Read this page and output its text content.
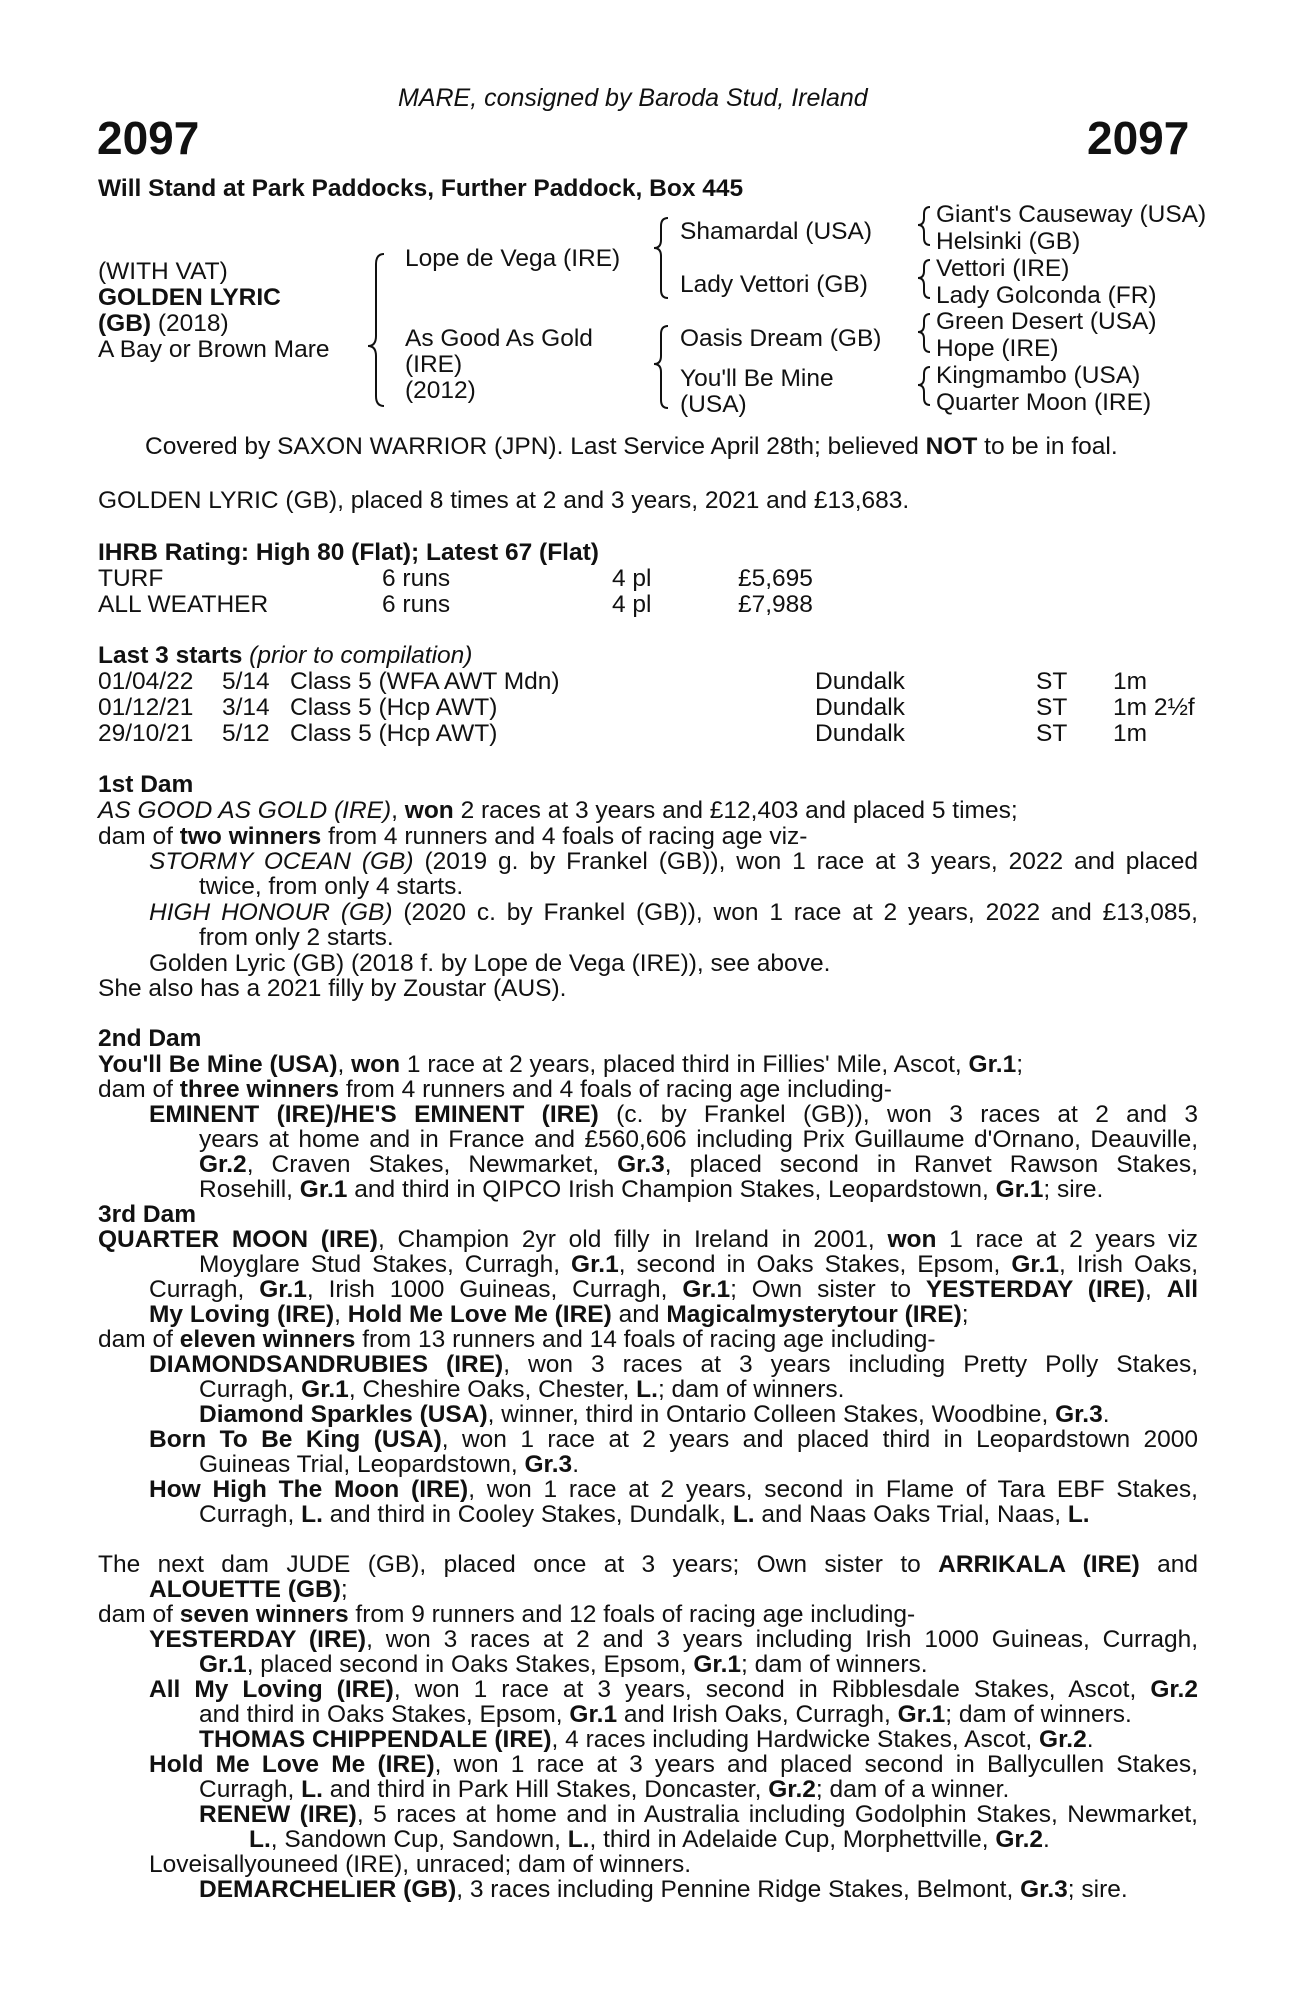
MARE, consigned by Baroda Stud, Ireland
2097	2097
Will Stand at Park Paddocks, Further Paddock, Box 445
(WITH VAT)
GOLDEN LYRIC
(GB) (2018)
A Bay or Brown Mare
Lope de Vega (IRE)
As Good As Gold
(IRE)
(2012)
Shamardal (USA)
Lady Vettori (GB)
Oasis Dream (GB)
You'll Be Mine
(USA)
Giant's Causeway (USA)
Helsinki (GB)
Vettori (IRE)
Lady Golconda (FR)
Green Desert (USA)
Hope (IRE)
Kingmambo (USA)
Quarter Moon (IRE)
Covered by SAXON WARRIOR (JPN). Last Service April 28th; believed NOT to be in foal.
GOLDEN LYRIC (GB), placed 8 times at 2 and 3 years, 2021 and £13,683.
IHRB Rating: High 80 (Flat); Latest 67 (Flat)
TURF	6 runs	4 pl	£5,695
ALL WEATHER	6 runs	4 pl	£7,988
Last 3 starts (prior to compilation)
01/04/22 5/14 Class 5 (WFA AWT Mdn)	Dundalk	ST 1m
01/12/21 3/14 Class 5 (Hcp AWT)	Dundalk	ST 1m 2½f
29/10/21 5/12 Class 5 (Hcp AWT)	Dundalk	ST 1m
1st Dam
AS GOOD AS GOLD (IRE), won 2 races at 3 years and £12,403 and placed 5 times;
dam of two winners from 4 runners and 4 foals of racing age viz-
STORMY OCEAN (GB) (2019 g. by Frankel (GB)), won 1 race at 3 years, 2022 and placed
twice, from only 4 starts.
HIGH HONOUR (GB) (2020 c. by Frankel (GB)), won 1 race at 2 years, 2022 and £13,085,
from only 2 starts.
Golden Lyric (GB) (2018 f. by Lope de Vega (IRE)), see above.
She also has a 2021 filly by Zoustar (AUS).
2nd Dam
You'll Be Mine (USA), won 1 race at 2 years, placed third in Fillies' Mile, Ascot, Gr.1;
dam of three winners from 4 runners and 4 foals of racing age including-
EMINENT (IRE)/HE'S EMINENT (IRE) (c. by Frankel (GB)), won 3 races at 2 and 3
years at home and in France and £560,606 including Prix Guillaume d'Ornano, Deauville,
Gr.2, Craven Stakes, Newmarket, Gr.3, placed second in Ranvet Rawson Stakes,
Rosehill, Gr.1 and third in QIPCO Irish Champion Stakes, Leopardstown, Gr.1; sire.
3rd Dam
QUARTER MOON (IRE), Champion 2yr old filly in Ireland in 2001, won 1 race at 2 years viz
Moyglare Stud Stakes, Curragh, Gr.1, second in Oaks Stakes, Epsom, Gr.1, Irish Oaks,
Curragh, Gr.1, Irish 1000 Guineas, Curragh, Gr.1; Own sister to YESTERDAY (IRE), All
My Loving (IRE), Hold Me Love Me (IRE) and Magicalmysterytour (IRE);
dam of eleven winners from 13 runners and 14 foals of racing age including-
DIAMONDSANDRUBIES (IRE), won 3 races at 3 years including Pretty Polly Stakes,
Curragh, Gr.1, Cheshire Oaks, Chester, L.; dam of winners.
Diamond Sparkles (USA), winner, third in Ontario Colleen Stakes, Woodbine, Gr.3.
Born To Be King (USA), won 1 race at 2 years and placed third in Leopardstown 2000
Guineas Trial, Leopardstown, Gr.3.
How High The Moon (IRE), won 1 race at 2 years, second in Flame of Tara EBF Stakes,
Curragh, L. and third in Cooley Stakes, Dundalk, L. and Naas Oaks Trial, Naas, L.
The next dam JUDE (GB), placed once at 3 years; Own sister to ARRIKALA (IRE) and
ALOUETTE (GB);
dam of seven winners from 9 runners and 12 foals of racing age including-
YESTERDAY (IRE), won 3 races at 2 and 3 years including Irish 1000 Guineas, Curragh,
Gr.1, placed second in Oaks Stakes, Epsom, Gr.1; dam of winners.
All My Loving (IRE), won 1 race at 3 years, second in Ribblesdale Stakes, Ascot, Gr.2
and third in Oaks Stakes, Epsom, Gr.1 and Irish Oaks, Curragh, Gr.1; dam of winners.
THOMAS CHIPPENDALE (IRE), 4 races including Hardwicke Stakes, Ascot, Gr.2.
Hold Me Love Me (IRE), won 1 race at 3 years and placed second in Ballycullen Stakes,
Curragh, L. and third in Park Hill Stakes, Doncaster, Gr.2; dam of a winner.
RENEW (IRE), 5 races at home and in Australia including Godolphin Stakes, Newmarket,
L., Sandown Cup, Sandown, L., third in Adelaide Cup, Morphettville, Gr.2.
Loveisallyouneed (IRE), unraced; dam of winners.
DEMARCHELIER (GB), 3 races including Pennine Ridge Stakes, Belmont, Gr.3; sire.
